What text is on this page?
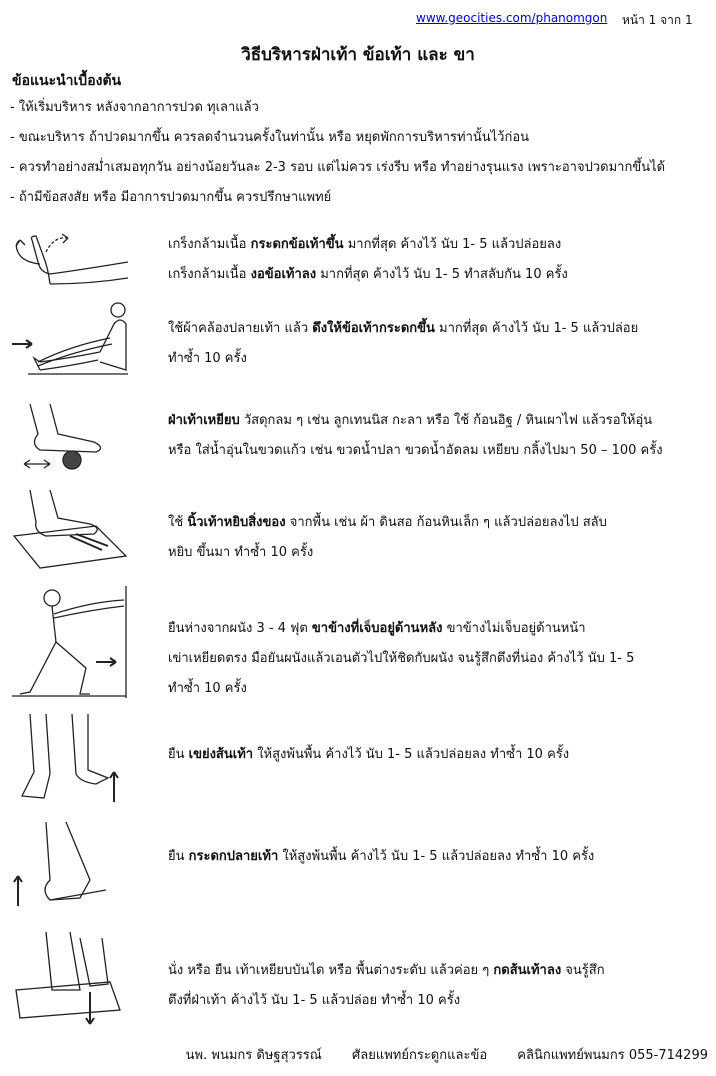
www.geocities.com/phanomgon หน้า 1 จาก 1
วิธีบริหารฝ่าเท้า ข้อเท้า และ ขา
ข้อแนะนำเบื้องต้น
- ให้เริ่มบริหาร หลังจากอาการปวด ทุเลาแล้ว
- ขณะบริหาร ถ้าปวดมากขึ้น ควรลดจำนวนครั้งในท่านั้น หรือ หยุดพักการบริหารท่านั้นไว้ก่อน
- ควรทำอย่างสม่ำเสมอทุกวัน อย่างน้อยวันละ 2-3 รอบ แต่ไม่ควร เร่งรีบ หรือ ทำอย่างรุนแรง เพราะอาจปวดมากขึ้นได้
- ถ้ามีข้อสงสัย หรือ มีอาการปวดมากขึ้น ควรปรึกษาแพทย์

เกร็งกล้ามเนื้อ กระดกข้อเท้าขึ้น มากที่สุด ค้างไว้ นับ 1- 5 แล้วปล่อยลง

เกร็งกล้ามเนื้อ งอข้อเท้าลง มากที่สุด ค้างไว้ นับ 1- 5 ทำสลับกัน 10 ครั้ง

ใช้ผ้าคล้องปลายเท้า แล้ว ดึงให้ข้อเท้ากระดกขึ้น มากที่สุด ค้างไว้ นับ 1- 5 แล้วปล่อย

ทำซ้ำ 10 ครั้ง

ฝ่าเท้าเหยียบ วัสดุกลม ๆ เช่น ลูกเทนนิส กะลา หรือ ใช้ ก้อนอิฐ / หินเผาไฟ แล้วรอให้อุ่น

หรือ ใส่น้ำอุ่นในขวดแก้ว เช่น ขวดน้ำปลา ขวดน้ำอัดลม เหยียบ กลิ้งไปมา 50 – 100 ครั้ง

ใช้ นิ้วเท้าหยิบสิ่งของ จากพื้น เช่น ผ้า ดินสอ ก้อนหินเล็ก ๆ แล้วปล่อยลงไป สลับ

หยิบ ขึ้นมา ทำซ้ำ 10 ครั้ง

ยืนห่างจากผนัง 3 - 4 ฟุต ขาข้างที่เจ็บอยู่ด้านหลัง ขาข้างไม่เจ็บอยู่ด้านหน้า

เข่าเหยียดตรง มือยันผนังแล้วเอนตัวไปให้ชิดกับผนัง จนรู้สึกตึงที่น่อง ค้างไว้ นับ 1- 5

ทำซ้ำ 10 ครั้ง

ยืน เขย่งส้นเท้า ให้สูงพ้นพื้น ค้างไว้ นับ 1- 5 แล้วปล่อยลง ทำซ้ำ 10 ครั้ง

ยืน กระดกปลายเท้า ให้สูงพ้นพื้น ค้างไว้ นับ 1- 5 แล้วปล่อยลง ทำซ้ำ 10 ครั้ง

นั่ง หรือ ยืน เท้าเหยียบบันได หรือ พื้นต่างระดับ แล้วค่อย ๆ กดส้นเท้าลง จนรู้สึก

ตึงที่ฝ่าเท้า ค้างไว้ นับ 1- 5 แล้วปล่อย ทำซ้ำ 10 ครั้ง

นพ. พนมกร ดิษฐสุวรรณ์ ศัลยแพทย์กระดูกและข้อ คลินิกแพทย์พนมกร 055-714299
